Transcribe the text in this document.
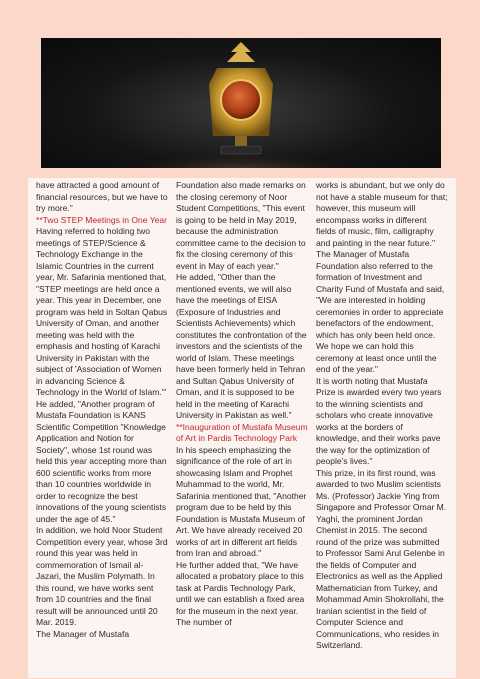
have attracted a good amount of financial resources, but we have to try more."

**Two STEP Meetings in One Year

Having referred to holding two meetings of STEP/Science & Technology Exchange in the Islamic Countries in the current year, Mr. Safarinia mentioned that, "STEP meetings are held once a year. This year in December, one program was held in Soltan Qabus University of Oman, and another meeting was held with the emphasis and hosting of Karachi University in Pakistan with the subject of 'Association of Women in advancing Science & Technology in the World of Islam.'"

He added, "Another program of Mustafa Foundation is KANS Scientific Competition "Knowledge Application and Notion for Society", whose 1st round was held this year accepting more than 600 scientific works from more than 10 countries worldwide in order to recognize the best innovations of the young scientists under the age of 45."

In addition, we hold Noor Student Competition every year, whose 3rd round this year was held in commemoration of Ismail al-Jazari, the Muslim Polymath. In this round, we have works sent from 10 countries and the final result will be announced until 20 Mar. 2019.

The Manager of Mustafa

Foundation also made remarks on the closing ceremony of Noor Student Competitions, "This event is going to be held in May 2019, because the administration committee came to the decision to fix the closing ceremony of this event in May of each year."

He added, "Other than the mentioned events, we will also have the meetings of EISA (Exposure of Industries and Scientists Achievements) which constitutes the confrontation of the investors and the scientists of the world of Islam. These meetings have been formerly held in Tehran and Sultan Qabus University of Oman, and it is supposed to be held in the meeting of Karachi University in Pakistan as well."

**Inauguration of Mustafa Museum of Art in Pardis Technology Park

In his speech emphasizing the significance of the role of art in showcasing Islam and Prophet Muhammad to the world, Mr. Safarinia mentioned that, "Another program due to be held by this Foundation is Mustafa Museum of Art. We have already received 20 works of art in different art fields from Iran and abroad."

He further added that, "We have allocated a probatory place to this task at Pardis Technology Park, until we can establish a fixed area for the museum in the next year. The number of

works is abundant, but we only do not have a stable museum for that; however, this museum will encompass works in different fields of music, film, calligraphy and painting in the near future."

The Manager of Mustafa Foundation also referred to the formation of Investment and Charity Fund of Mustafa and said, "We are interested in holding ceremonies in order to appreciate benefactors of the endowment, which has only been held once. We hope we can hold this ceremony at least once until the end of the year."

It is worth noting that Mustafa Prize is awarded every two years to the winning scientists and scholars who create innovative works at the borders of knowledge, and their works pave the way for the optimization of people's lives."

This prize, in its first round, was awarded to two Muslim scientists Ms. (Professor) Jackie Ying from Singapore and Professor Omar M. Yaghi, the prominent Jordan Chemist in 2015. The second round of the prize was submitted to Professor Sami Arul Gelenbe in the fields of Computer and Electronics as well as the Applied Mathematician from Turkey, and Mohammad Amin Shokrollahi, the Iranian scientist in the field of Computer Science and Communications, who resides in Switzerland.
